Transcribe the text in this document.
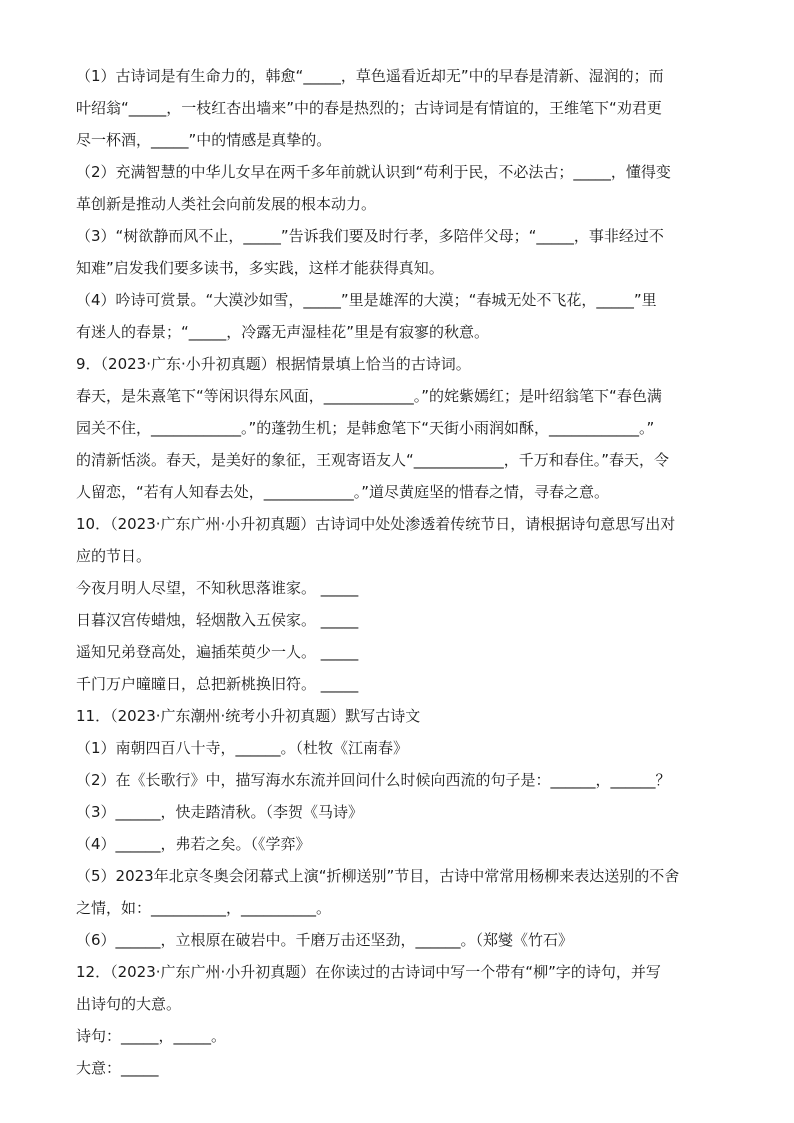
（1）古诗词是有生命力的，韩愈“_____，草色遥看近却无”中的早春是清新、湿润的；而
叶绍翁“_____，一枝红杏出墙来”中的春是热烈的；古诗词是有情谊的，王维笔下“劝君更
尽一杯酒，_____”中的情感是真挚的。
（2）充满智慧的中华儿女早在两千多年前就认识到“苟利于民，不必法古；_____，懂得变
革创新是推动人类社会向前发展的根本动力。
（3）“树欲静而风不止，_____”告诉我们要及时行孝，多陪伴父母；“_____，事非经过不
知难”启发我们要多读书，多实践，这样才能获得真知。
（4）吟诗可赏景。“大漠沙如雪，_____”里是雄浑的大漠；“春城无处不飞花，_____”里
有迷人的春景；“_____，冷露无声湿桂花”里是有寂寥的秋意。
9．（2023·广东·小升初真题）根据情景填上恰当的古诗词。
春天，是朱熹笔下“等闲识得东风面，____________。”的姹紫嫣红；是叶绍翁笔下“春色满
园关不住，____________。”的蓬勃生机；是韩愈笔下“天街小雨润如酥，____________。”
的清新恬淡。春天，是美好的象征，王观寄语友人“____________，千万和春住。”春天，令
人留恋，“若有人知春去处，____________。”道尽黄庭坚的惜春之情，寻春之意。
10．（2023·广东广州·小升初真题）古诗词中处处渗透着传统节日，请根据诗句意思写出对
应的节日。
今夜月明人尽望，不知秋思落谁家。 _____
日暮汉宫传蜡烛，轻烟散入五侯家。 _____
遥知兄弟登高处，遍插茱萸少一人。 _____
千门万户曈曈日，总把新桃换旧符。 _____
11．（2023·广东潮州·统考小升初真题）默写古诗文
（1）南朝四百八十寺，______。（杜牧《江南春》
（2）在《长歌行》中，描写海水东流并回问什么时候向西流的句子是：______，______？
（3）______，快走踏清秋。（李贺《马诗》
（4）______，弗若之矣。（《学弈》
（5）2023年北京冬奥会闭幕式上演“折柳送别”节目，古诗中常常用杨柳来表达送别的不舍
之情，如：__________，__________。
（6）______，立根原在破岩中。千磨万击还坚劲，______。（郑燮《竹石》
12．（2023·广东广州·小升初真题）在你读过的古诗词中写一个带有“柳”字的诗句，并写
出诗句的大意。
诗句：_____，_____。
大意：_____
